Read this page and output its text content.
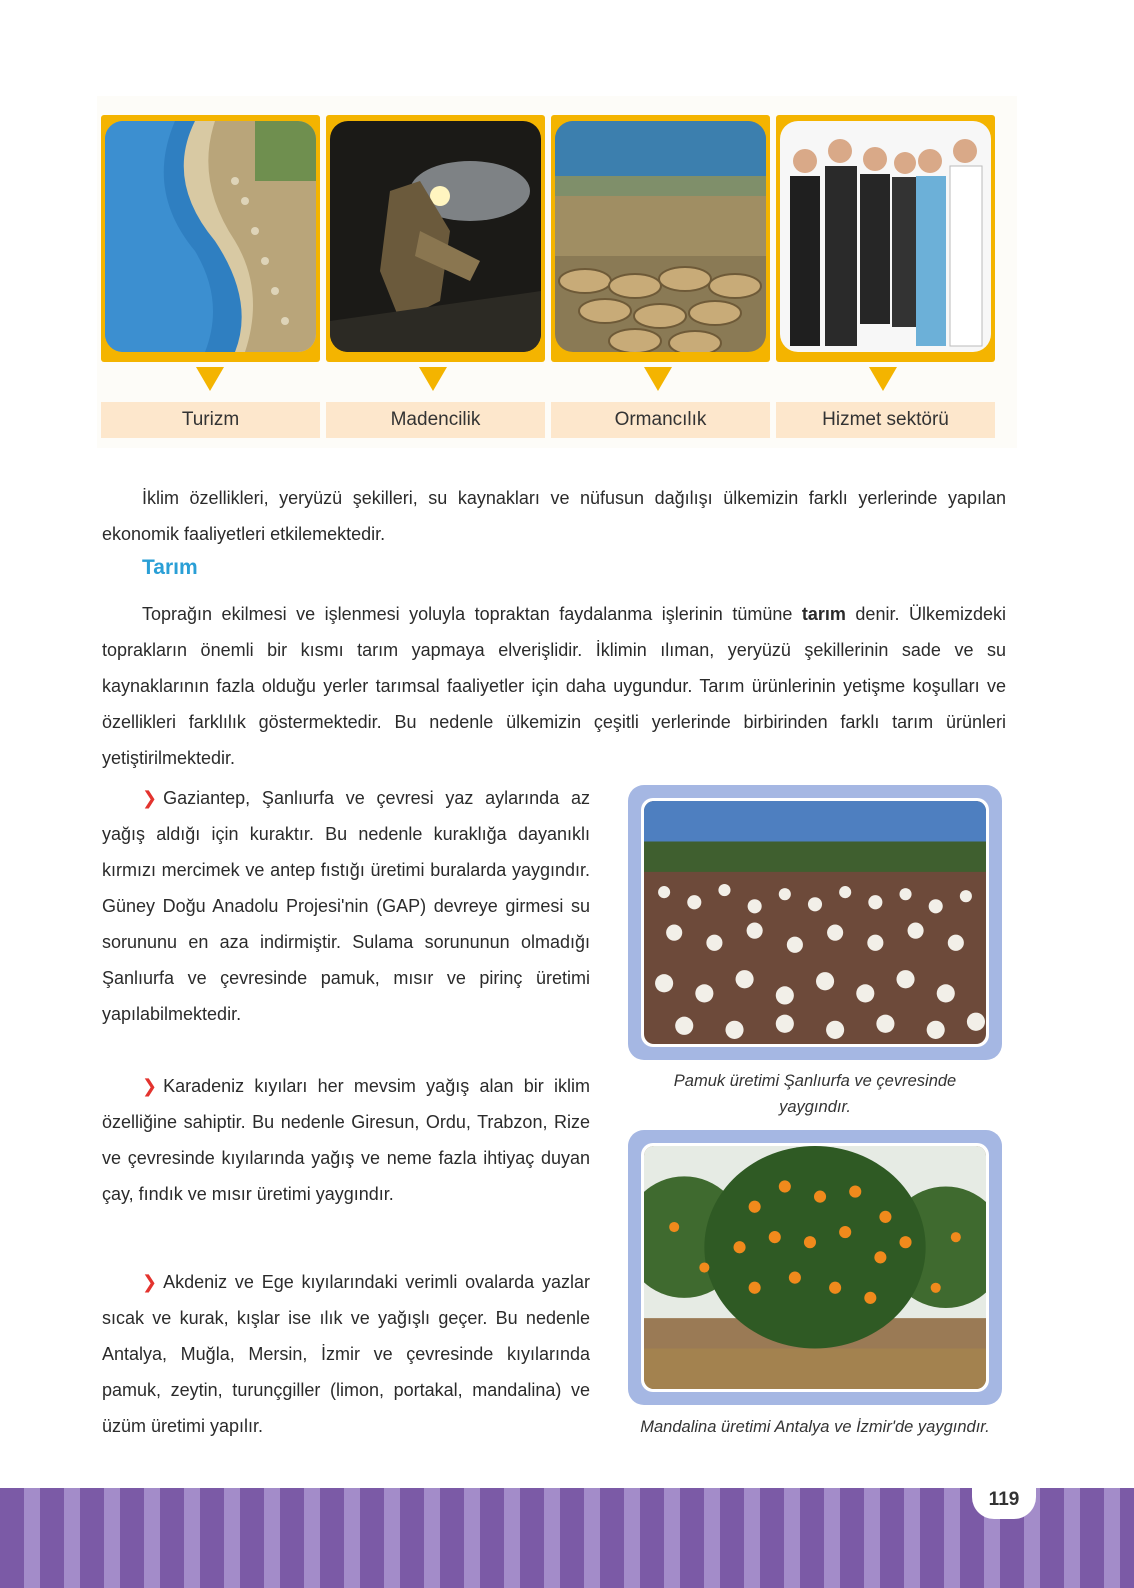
Turizm	Madencilik	Ormancılık	Hizmet sektörü

İklim özellikleri, yeryüzü şekilleri, su kaynakları ve nüfusun dağılışı ülkemizin farklı yerlerinde yapılan ekonomik faaliyetleri etkilemektedir.

Tarım

Toprağın ekilmesi ve işlenmesi yoluyla topraktan faydalanma işlerinin tümüne tarım denir. Ülkemizdeki toprakların önemli bir kısmı tarım yapmaya elverişlidir. İklimin ılıman, yeryüzü şekillerinin sade ve su kaynaklarının fazla olduğu yerler tarımsal faaliyetler için daha uygundur. Tarım ürünlerinin yetişme koşulları ve özellikleri farklılık göstermektedir. Bu nedenle ülkemizin çeşitli yerlerinde birbirinden farklı tarım ürünleri yetiştirilmektedir.

❯ Gaziantep, Şanlıurfa ve çevresi yaz aylarında az yağış aldığı için kuraktır. Bu nedenle kuraklığa dayanıklı kırmızı mercimek ve antep fıstığı üretimi buralarda yaygındır. Güney Doğu Anadolu Projesi'nin (GAP) devreye girmesi su sorununu en aza indirmiştir. Sulama sorununun olmadığı Şanlıurfa ve çevresinde pamuk, mısır ve pirinç üretimi yapılabilmektedir.

❯ Karadeniz kıyıları her mevsim yağış alan bir iklim özelliğine sahiptir. Bu nedenle Giresun, Ordu, Trabzon, Rize ve çevresinde kıyılarında yağış ve neme fazla ihtiyaç duyan çay, fındık ve mısır üretimi yaygındır.

❯ Akdeniz ve Ege kıyılarındaki verimli ovalarda yazlar sıcak ve kurak, kışlar ise ılık ve yağışlı geçer. Bu nedenle Antalya, Muğla, Mersin, İzmir ve çevresinde kıyılarında pamuk, zeytin, turunçgiller (limon, portakal, mandalina) ve üzüm üretimi yapılır.

Pamuk üretimi Şanlıurfa ve çevresinde yaygındır.

Mandalina üretimi Antalya ve İzmir'de yaygındır.

119
